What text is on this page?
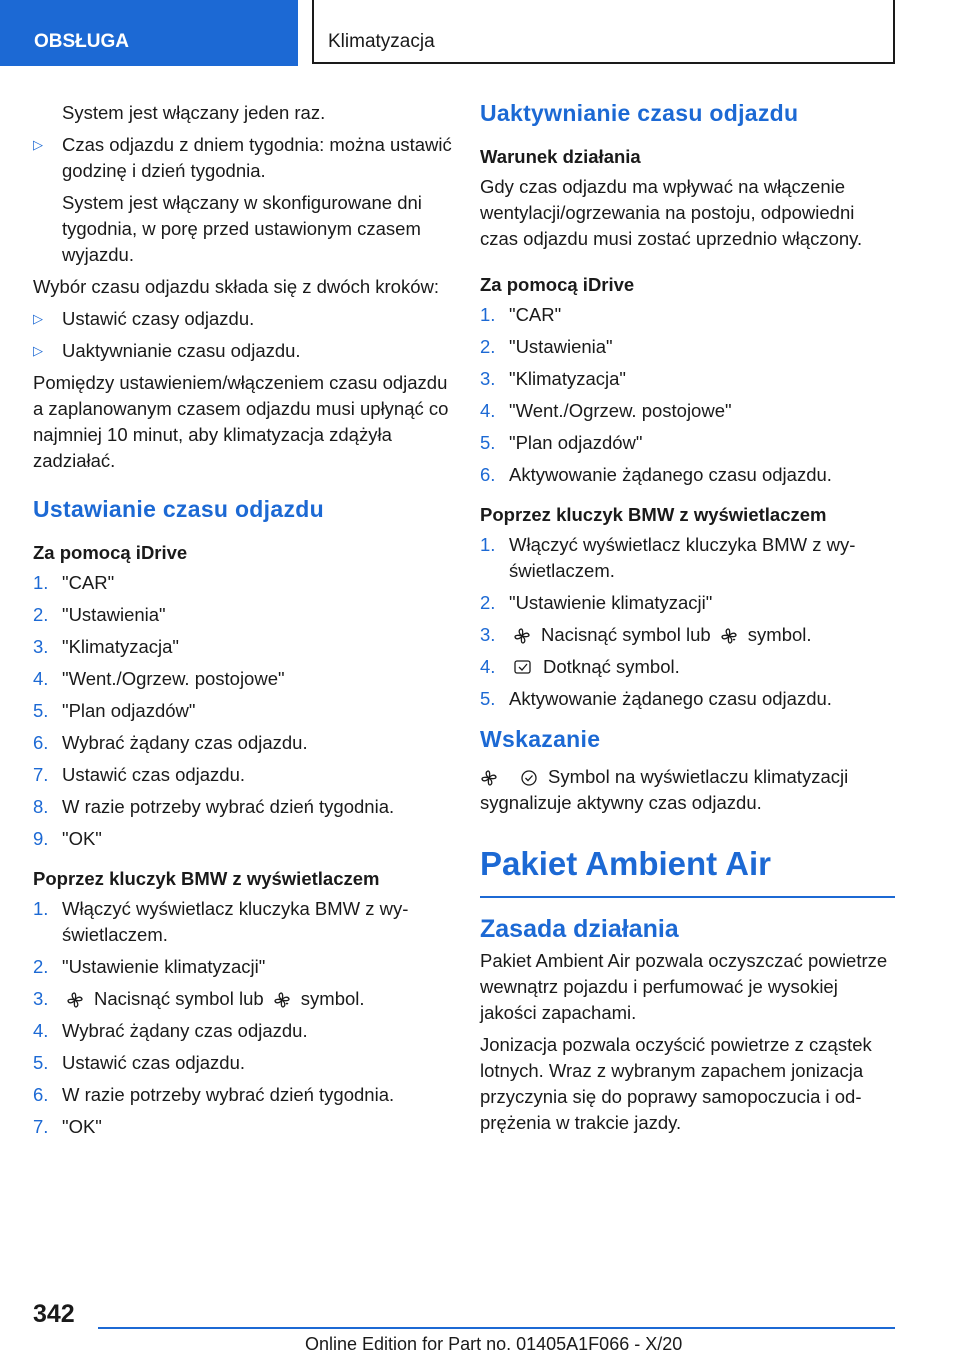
OBSŁUGA	Klimatyzacja

System jest włączany jeden raz.

▷ Czas odjazdu z dniem tygodnia: można ustawić godzinę i dzień tygodnia.

System jest włączany w skonfigurowane dni tygodnia, w porę przed ustawionym czasem wyjazdu.

Wybór czasu odjazdu składa się z dwóch kroków:

▷ Ustawić czasy odjazdu.
▷ Uaktywnianie czasu odjazdu.

Pomiędzy ustawieniem/włączeniem czasu odjazdu a zaplanowanym czasem odjazdu musi upłynąć co najmniej 10 minut, aby klimatyzacja zdążyła zadziałać.

Ustawianie czasu odjazdu
Za pomocą iDrive
1. "CAR"
2. "Ustawienia"
3. "Klimatyzacja"
4. "Went./Ogrzew. postojowe"
5. "Plan odjazdów"
6. Wybrać żądany czas odjazdu.
7. Ustawić czas odjazdu.
8. W razie potrzeby wybrać dzień tygodnia.
9. "OK"
Poprzez kluczyk BMW z wyświetlaczem
1. Włączyć wyświetlacz kluczyka BMW z wyświetlaczem.
2. "Ustawienie klimatyzacji"
3. Nacisnąć symbol lub symbol.
4. Wybrać żądany czas odjazdu.
5. Ustawić czas odjazdu.
6. W razie potrzeby wybrać dzień tygodnia.
7. "OK"
Uaktywnianie czasu odjazdu
Warunek działania

Gdy czas odjazdu ma wpływać na włączenie wentylacji/ogrzewania na postoju, odpowiedni czas odjazdu musi zostać uprzednio włączony.

Za pomocą iDrive
1. "CAR"
2. "Ustawienia"
3. "Klimatyzacja"
4. "Went./Ogrzew. postojowe"
5. "Plan odjazdów"
6. Aktywowanie żądanego czasu odjazdu.
Poprzez kluczyk BMW z wyświetlaczem
1. Włączyć wyświetlacz kluczyka BMW z wyświetlaczem.
2. "Ustawienie klimatyzacji"
3. Nacisnąć symbol lub symbol.
4.	Dotknąć symbol.
5. Aktywowanie żądanego czasu odjazdu.
Wskazanie

Symbol na wyświetlaczu klimatyzacji sygnalizuje aktywny czas odjazdu.

Pakiet Ambient Air
Zasada działania

Pakiet Ambient Air pozwala oczyszczać powietrze wewnątrz pojazdu i perfumować je wysokiej jakości zapachami.

Jonizacja pozwala oczyścić powietrze z cząstek lotnych. Wraz z wybranym zapachem jonizacja przyczynia się do poprawy samopoczucia i odprężenia w trakcie jazdy.

342
Online Edition for Part no. 01405A1F066 - X/20
